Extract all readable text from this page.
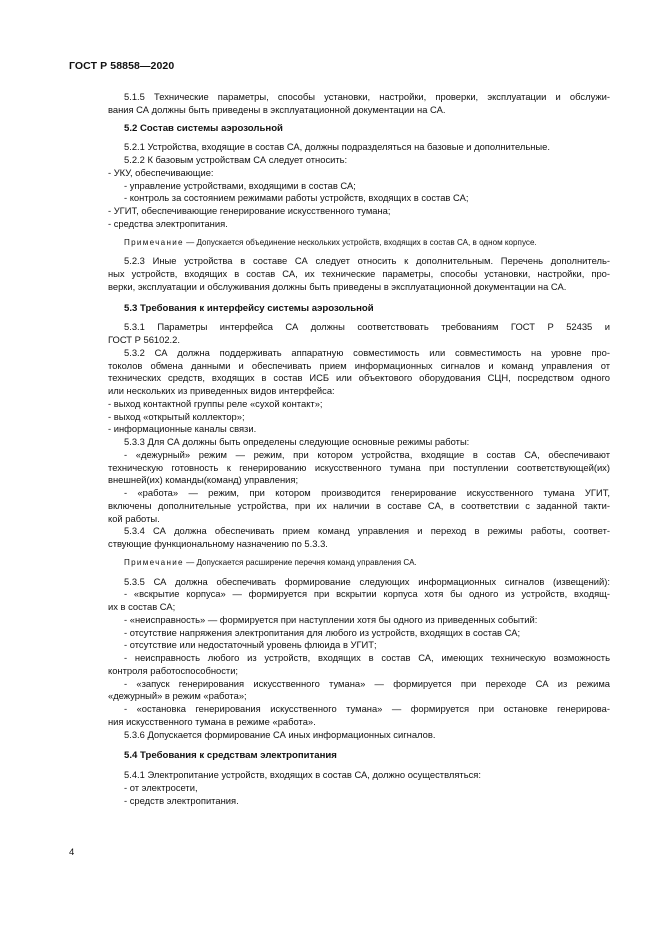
ГОСТ Р 58858—2020
5.1.5 Технические параметры, способы установки, настройки, проверки, эксплуатации и обслужи-
вания СА должны быть приведены в эксплуатационной документации на СА.
5.2 Состав системы аэрозольной
5.2.1 Устройства, входящие в состав СА, должны подразделяться на базовые и дополнительные.
5.2.2 К базовым устройствам СА следует относить:
- УКУ, обеспечивающие:
- управление устройствами, входящими в состав СА;
- контроль за состоянием режимами работы устройств, входящих в состав СА;
- УГИТ, обеспечивающие генерирование искусственного тумана;
- средства электропитания.
Примечание — Допускается объединение нескольких устройств, входящих в состав СА, в одном корпусе.
5.2.3 Иные устройства в составе СА следует относить к дополнительным. Перечень дополнитель-
ных устройств, входящих в состав СА, их технические параметры, способы установки, настройки, про-
верки, эксплуатации и обслуживания должны быть приведены в эксплуатационной документации на СА.
5.3 Требования к интерфейсу системы аэрозольной
5.3.1 Параметры интерфейса СА должны соответствовать требованиям ГОСТ Р 52435 и
ГОСТ Р 56102.2.
5.3.2 СА должна поддерживать аппаратную совместимость или совместимость на уровне про-
токолов обмена данными и обеспечивать прием информационных сигналов и команд управления от
технических средств, входящих в состав ИСБ или объектового оборудования СЦН, посредством одного
или нескольких из приведенных видов интерфейса:
- выход контактной группы реле «сухой контакт»;
- выход «открытый коллектор»;
- информационные каналы связи.
5.3.3 Для СА должны быть определены следующие основные режимы работы:
- «дежурный» режим — режим, при котором устройства, входящие в состав СА, обеспечивают
техническую готовность к генерированию искусственного тумана при поступлении соответствующей(их)
внешней(их) команды(команд) управления;
- «работа» — режим, при котором производится генерирование искусственного тумана УГИТ,
включены дополнительные устройства, при их наличии в составе СА, в соответствии с заданной такти-
кой работы.
5.3.4 СА должна обеспечивать прием команд управления и переход в режимы работы, соответ-
ствующие функциональному назначению по 5.3.3.
Примечание — Допускается расширение перечня команд управления СА.
5.3.5 СА должна обеспечивать формирование следующих информационных сигналов (извещений):
- «вскрытие корпуса» — формируется при вскрытии корпуса хотя бы одного из устройств, входящ-
их в состав СА;
- «неисправность» — формируется при наступлении хотя бы одного из приведенных событий:
- отсутствие напряжения электропитания для любого из устройств, входящих в состав СА;
- отсутствие или недостаточный уровень флюида в УГИТ;
- неисправность любого из устройств, входящих в состав СА, имеющих техническую возможность
контроля работоспособности;
- «запуск генерирования искусственного тумана» — формируется при переходе СА из режима
«дежурный» в режим «работа»;
- «остановка генерирования искусственного тумана» — формируется при остановке генерирова-
ния искусственного тумана в режиме «работа».
5.3.6 Допускается формирование СА иных информационных сигналов.
5.4 Требования к средствам электропитания
5.4.1 Электропитание устройств, входящих в состав СА, должно осуществляться:
- от электросети,
- средств электропитания.
4
